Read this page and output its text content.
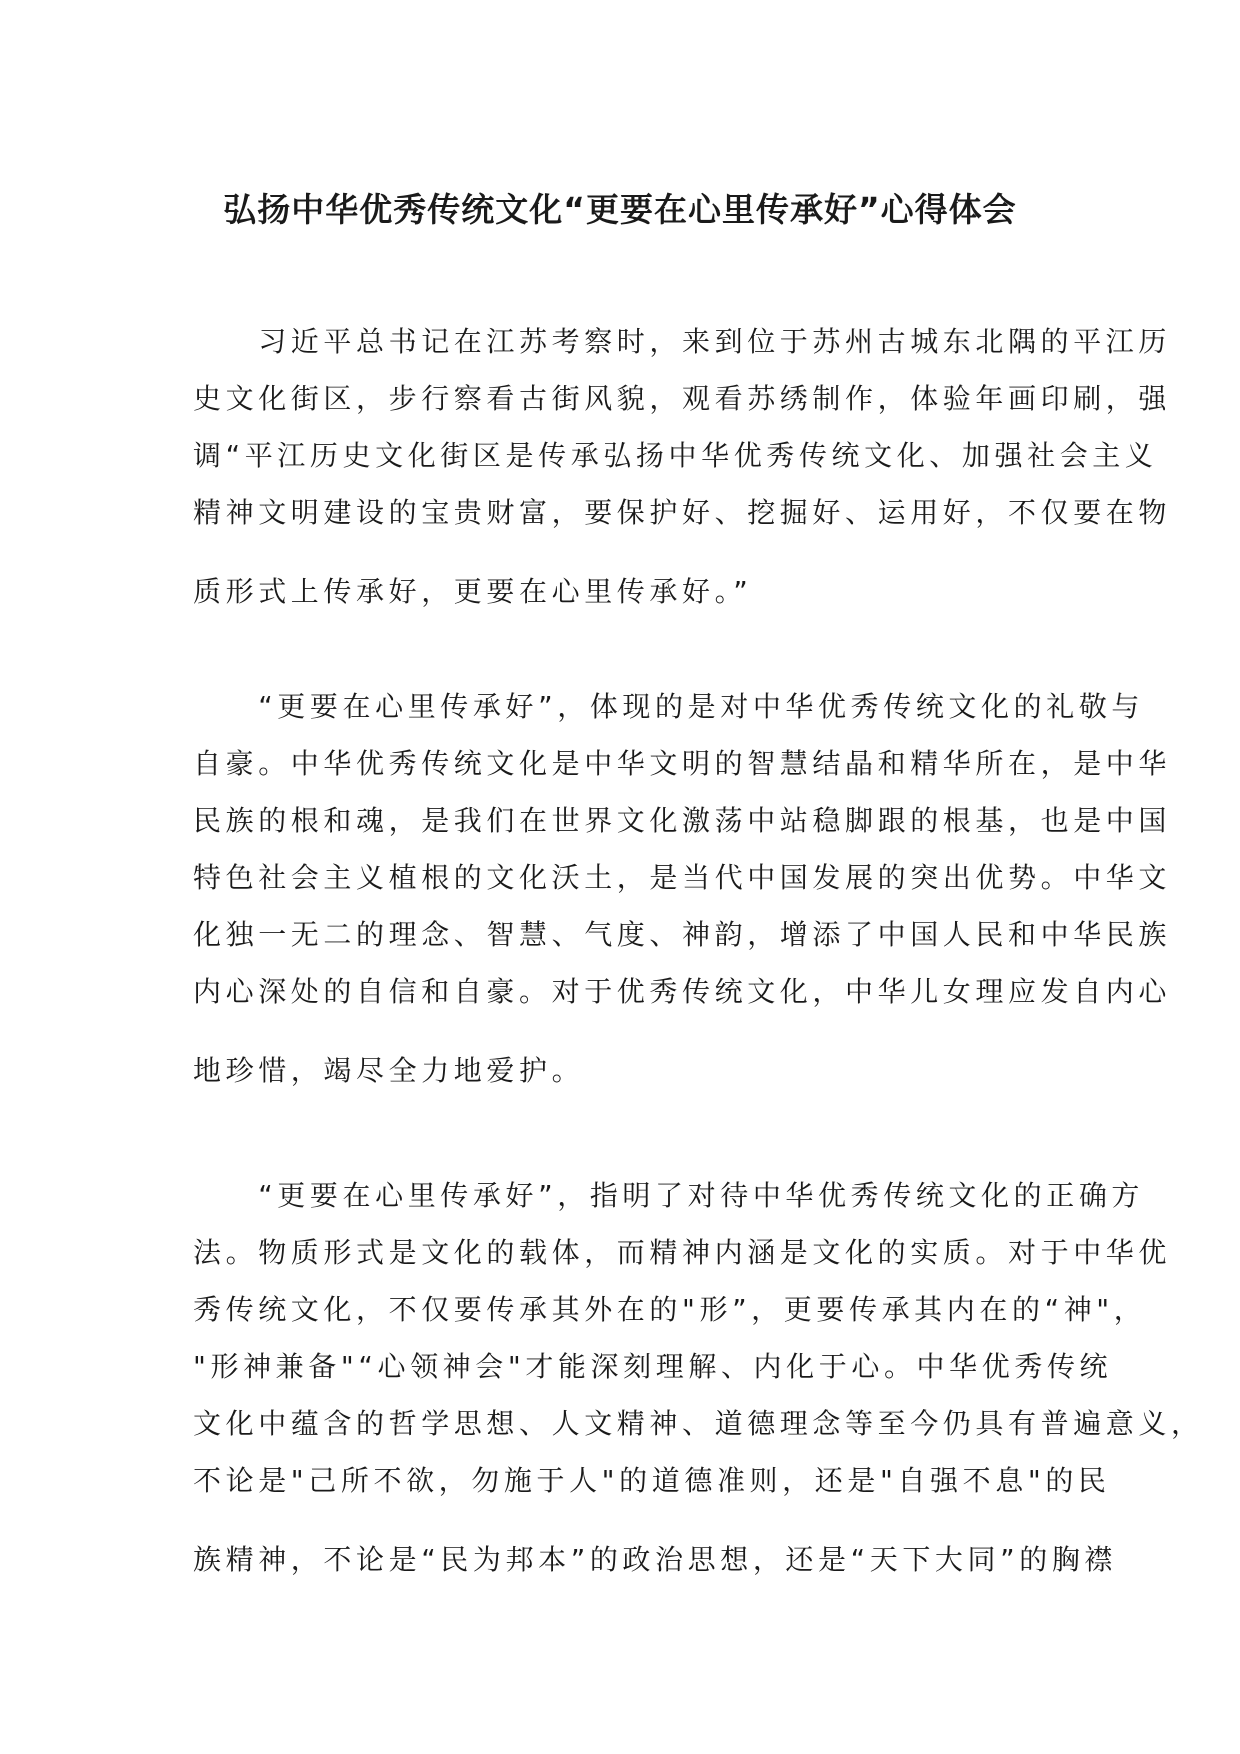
弘扬中华优秀传统文化“更要在心里传承好”心得体会
　　习近平总书记在江苏考察时，来到位于苏州古城东北隅的平江历
史文化街区，步行察看古街风貌，观看苏绣制作，体验年画印刷，强
调“平江历史文化街区是传承弘扬中华优秀传统文化、加强社会主义
精神文明建设的宝贵财富，要保护好、挖掘好、运用好，不仅要在物
质形式上传承好，更要在心里传承好。”
　　“更要在心里传承好”，体现的是对中华优秀传统文化的礼敬与
自豪。中华优秀传统文化是中华文明的智慧结晶和精华所在，是中华
民族的根和魂，是我们在世界文化激荡中站稳脚跟的根基，也是中国
特色社会主义植根的文化沃土，是当代中国发展的突出优势。中华文
化独一无二的理念、智慧、气度、神韵，增添了中国人民和中华民族
内心深处的自信和自豪。对于优秀传统文化，中华儿女理应发自内心
地珍惜，竭尽全力地爱护。
　　“更要在心里传承好”，指明了对待中华优秀传统文化的正确方
法。物质形式是文化的载体，而精神内涵是文化的实质。对于中华优
秀传统文化，不仅要传承其外在的"形”，更要传承其内在的“神"，
"形神兼备"“心领神会"才能深刻理解、内化于心。中华优秀传统
文化中蕴含的哲学思想、人文精神、道德理念等至今仍具有普遍意义，
不论是"己所不欲，勿施于人"的道德准则，还是"自强不息"的民
族精神，不论是“民为邦本”的政治思想，还是“天下大同”的胸襟
